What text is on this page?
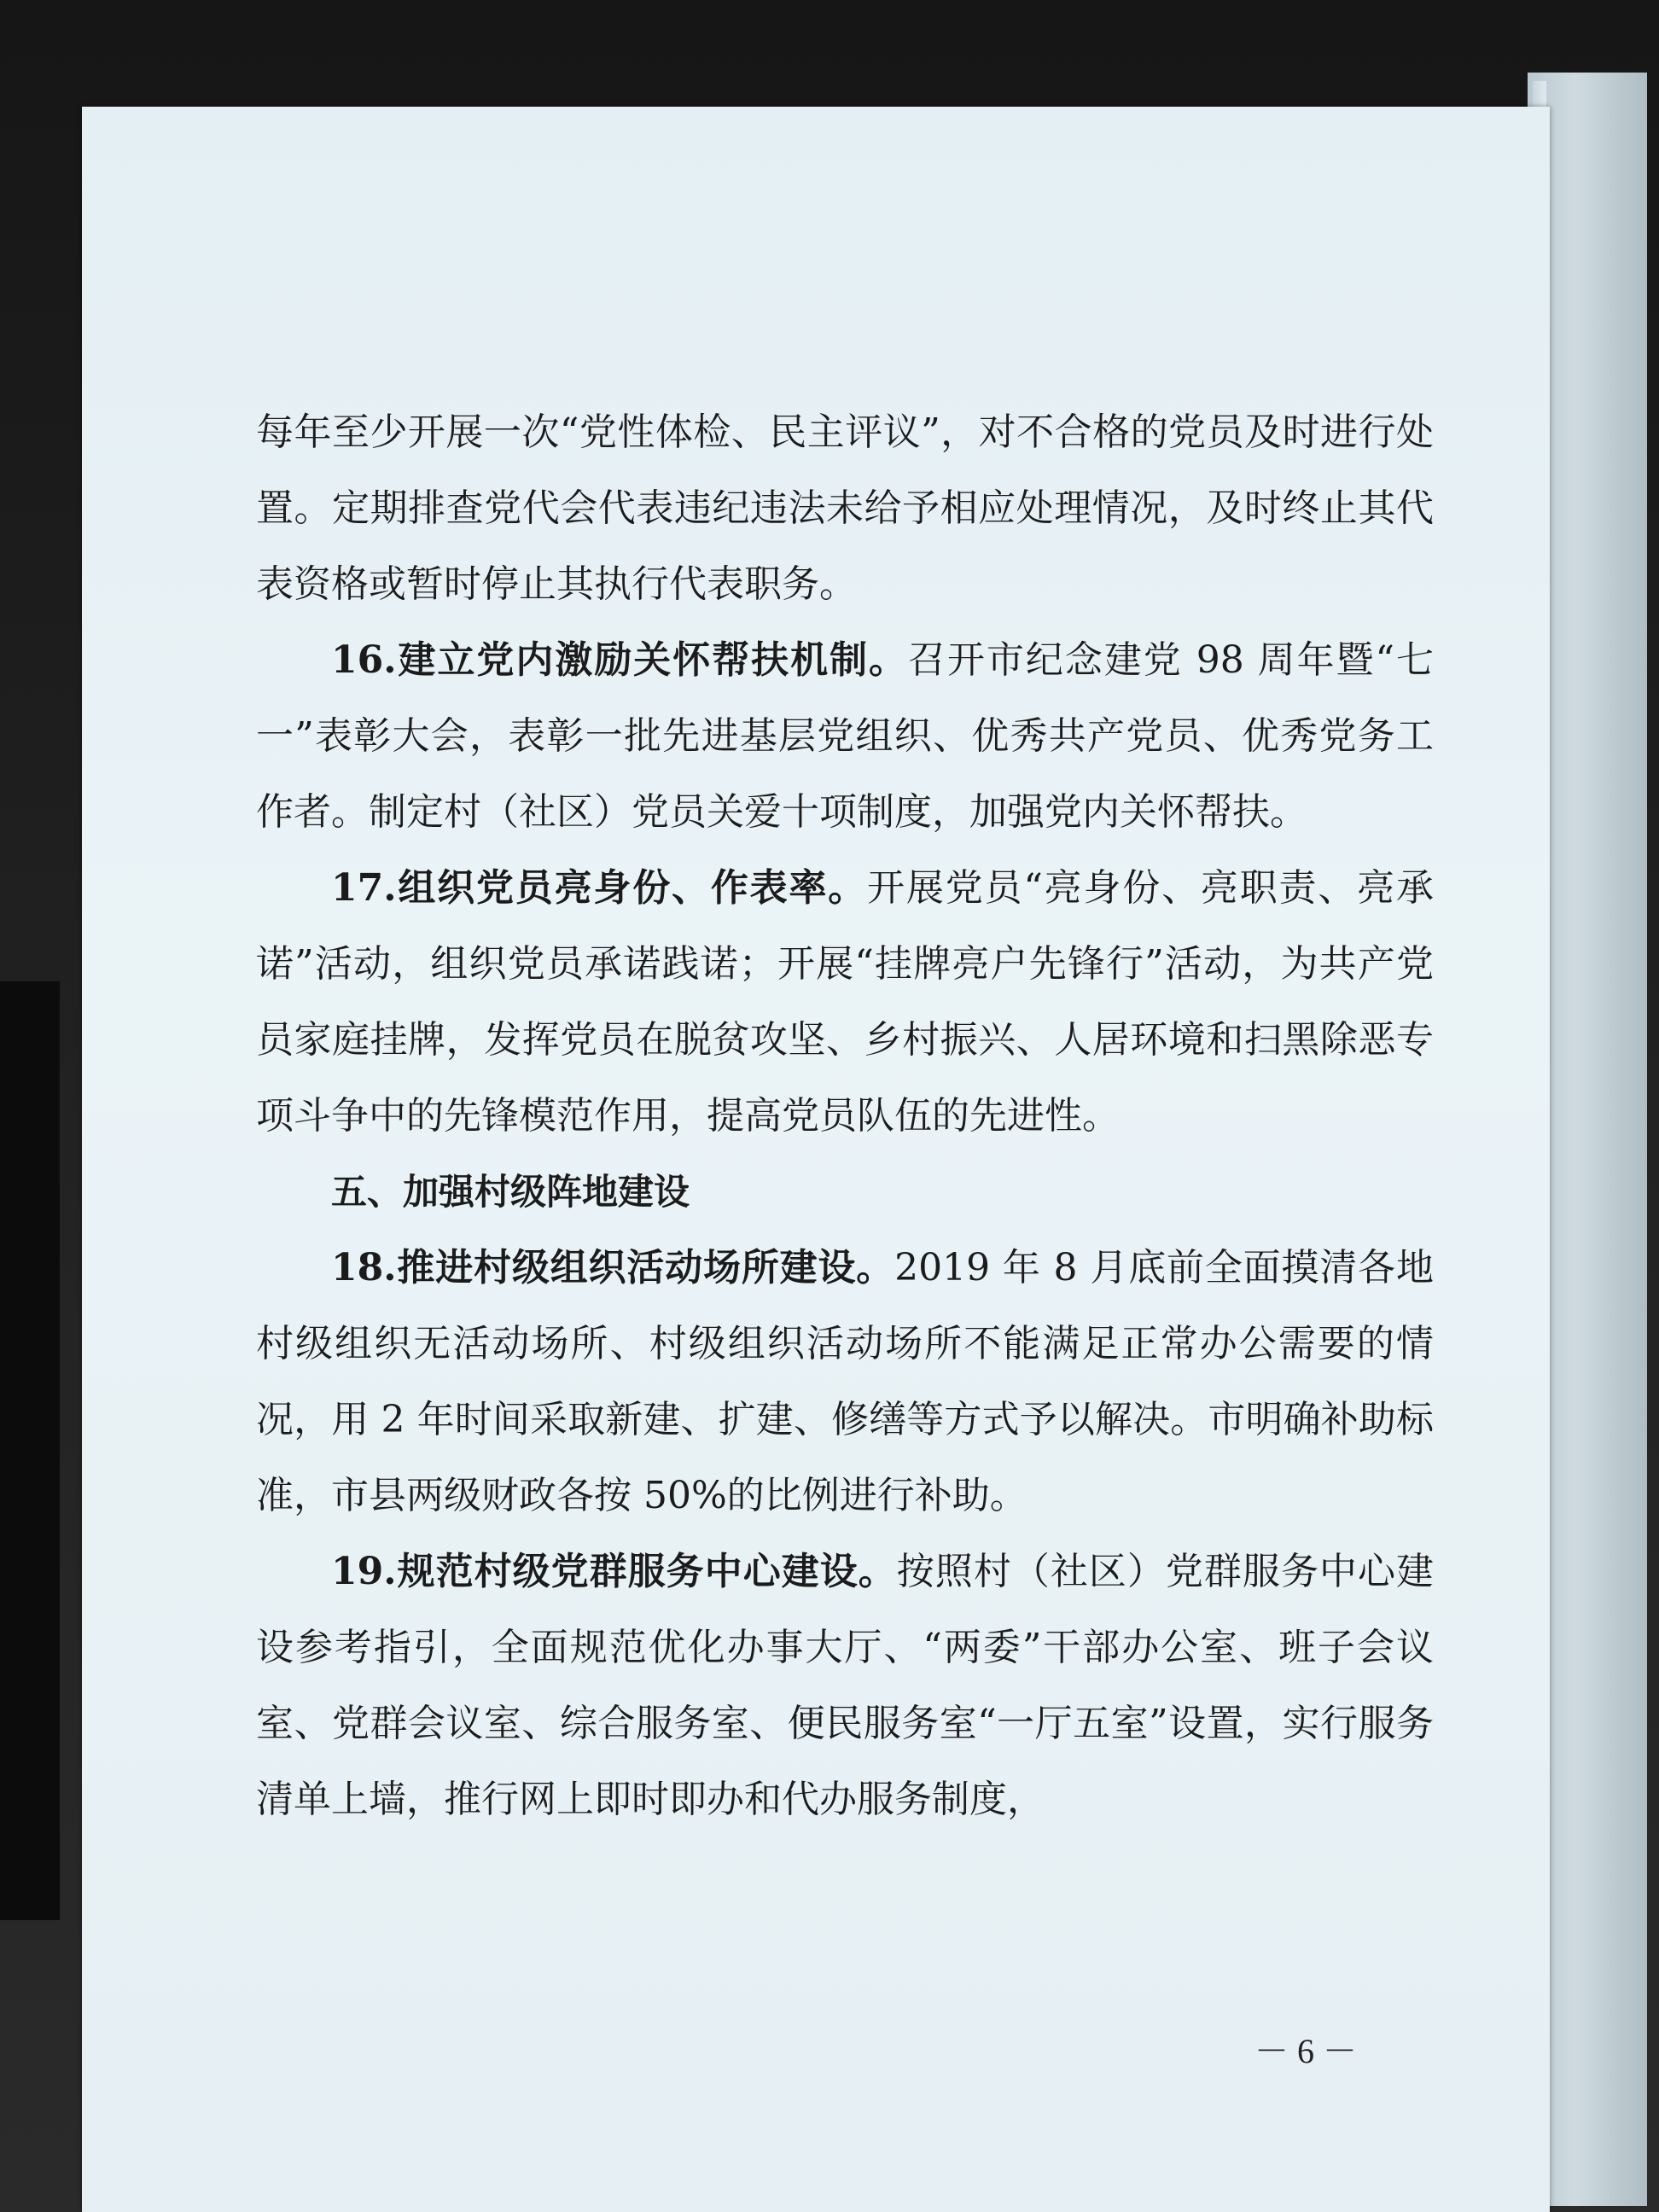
每年至少开展一次“党性体检、民主评议”，对不合格的党员及时进行处置。定期排查党代会代表违纪违法未给予相应处理情况，及时终止其代表资格或暂时停止其执行代表职务。

16.建立党内激励关怀帮扶机制。召开市纪念建党 98 周年暨“七一”表彰大会，表彰一批先进基层党组织、优秀共产党员、优秀党务工作者。制定村（社区）党员关爱十项制度，加强党内关怀帮扶。

17.组织党员亮身份、作表率。开展党员“亮身份、亮职责、亮承诺”活动，组织党员承诺践诺；开展“挂牌亮户先锋行”活动，为共产党员家庭挂牌，发挥党员在脱贫攻坚、乡村振兴、人居环境和扫黑除恶专项斗争中的先锋模范作用，提高党员队伍的先进性。

五、加强村级阵地建设

18.推进村级组织活动场所建设。2019 年 8 月底前全面摸清各地村级组织无活动场所、村级组织活动场所不能满足正常办公需要的情况，用 2 年时间采取新建、扩建、修缮等方式予以解决。市明确补助标准，市县两级财政各按 50%的比例进行补助。

19.规范村级党群服务中心建设。按照村（社区）党群服务中心建设参考指引，全面规范优化办事大厅、“两委”干部办公室、班子会议室、党群会议室、综合服务室、便民服务室“一厅五室”设置，实行服务清单上墙，推行网上即时即办和代办服务制度，

－ 6 －
